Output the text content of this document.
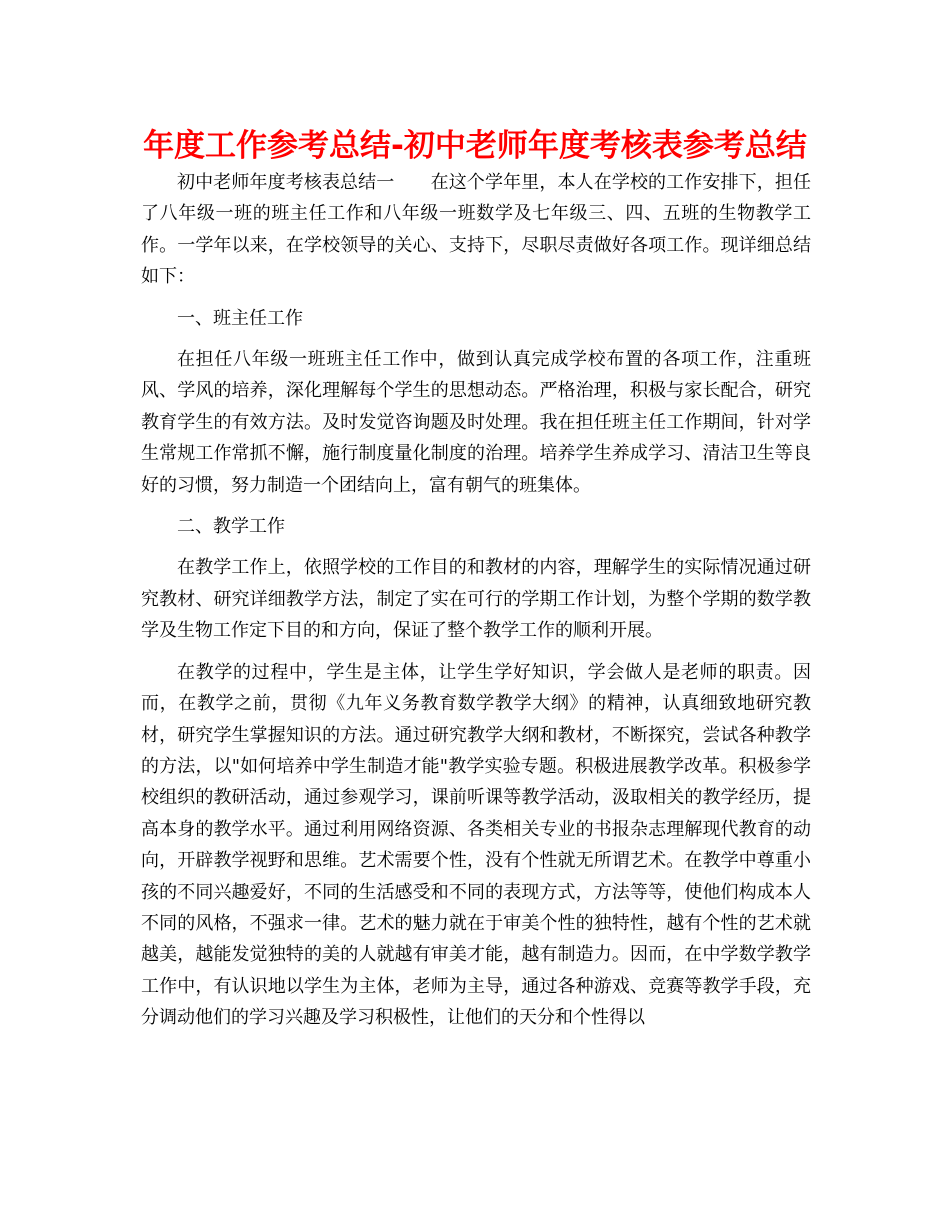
年度工作参考总结-初中老师年度考核表参考总结

初中老师年度考核表总结一　　在这个学年里，本人在学校的工作安排下，担任了八年级一班的班主任工作和八年级一班数学及七年级三、四、五班的生物教学工作。一学年以来，在学校领导的关心、支持下，尽职尽责做好各项工作。现详细总结如下：

一、班主任工作

在担任八年级一班班主任工作中，做到认真完成学校布置的各项工作，注重班风、学风的培养，深化理解每个学生的思想动态。严格治理，积极与家长配合，研究教育学生的有效方法。及时发觉咨询题及时处理。我在担任班主任工作期间，针对学生常规工作常抓不懈，施行制度量化制度的治理。培养学生养成学习、清洁卫生等良好的习惯，努力制造一个团结向上，富有朝气的班集体。

二、教学工作

在教学工作上，依照学校的工作目的和教材的内容，理解学生的实际情况通过研究教材、研究详细教学方法，制定了实在可行的学期工作计划，为整个学期的数学教学及生物工作定下目的和方向，保证了整个教学工作的顺利开展。

在教学的过程中，学生是主体，让学生学好知识，学会做人是老师的职责。因而，在教学之前，贯彻《九年义务教育数学教学大纲》的精神，认真细致地研究教材，研究学生掌握知识的方法。通过研究教学大纲和教材，不断探究，尝试各种教学的方法，以"如何培养中学生制造才能"教学实验专题。积极进展教学改革。积极参学校组织的教研活动，通过参观学习，课前听课等教学活动，汲取相关的教学经历，提高本身的教学水平。通过利用网络资源、各类相关专业的书报杂志理解现代教育的动向，开辟教学视野和思维。艺术需要个性，没有个性就无所谓艺术。在教学中尊重小孩的不同兴趣爱好，不同的生活感受和不同的表现方式，方法等等，使他们构成本人不同的风格，不强求一律。艺术的魅力就在于审美个性的独特性，越有个性的艺术就越美，越能发觉独特的美的人就越有审美才能，越有制造力。因而，在中学数学教学工作中，有认识地以学生为主体，老师为主导，通过各种游戏、竞赛等教学手段，充分调动他们的学习兴趣及学习积极性，让他们的天分和个性得以
